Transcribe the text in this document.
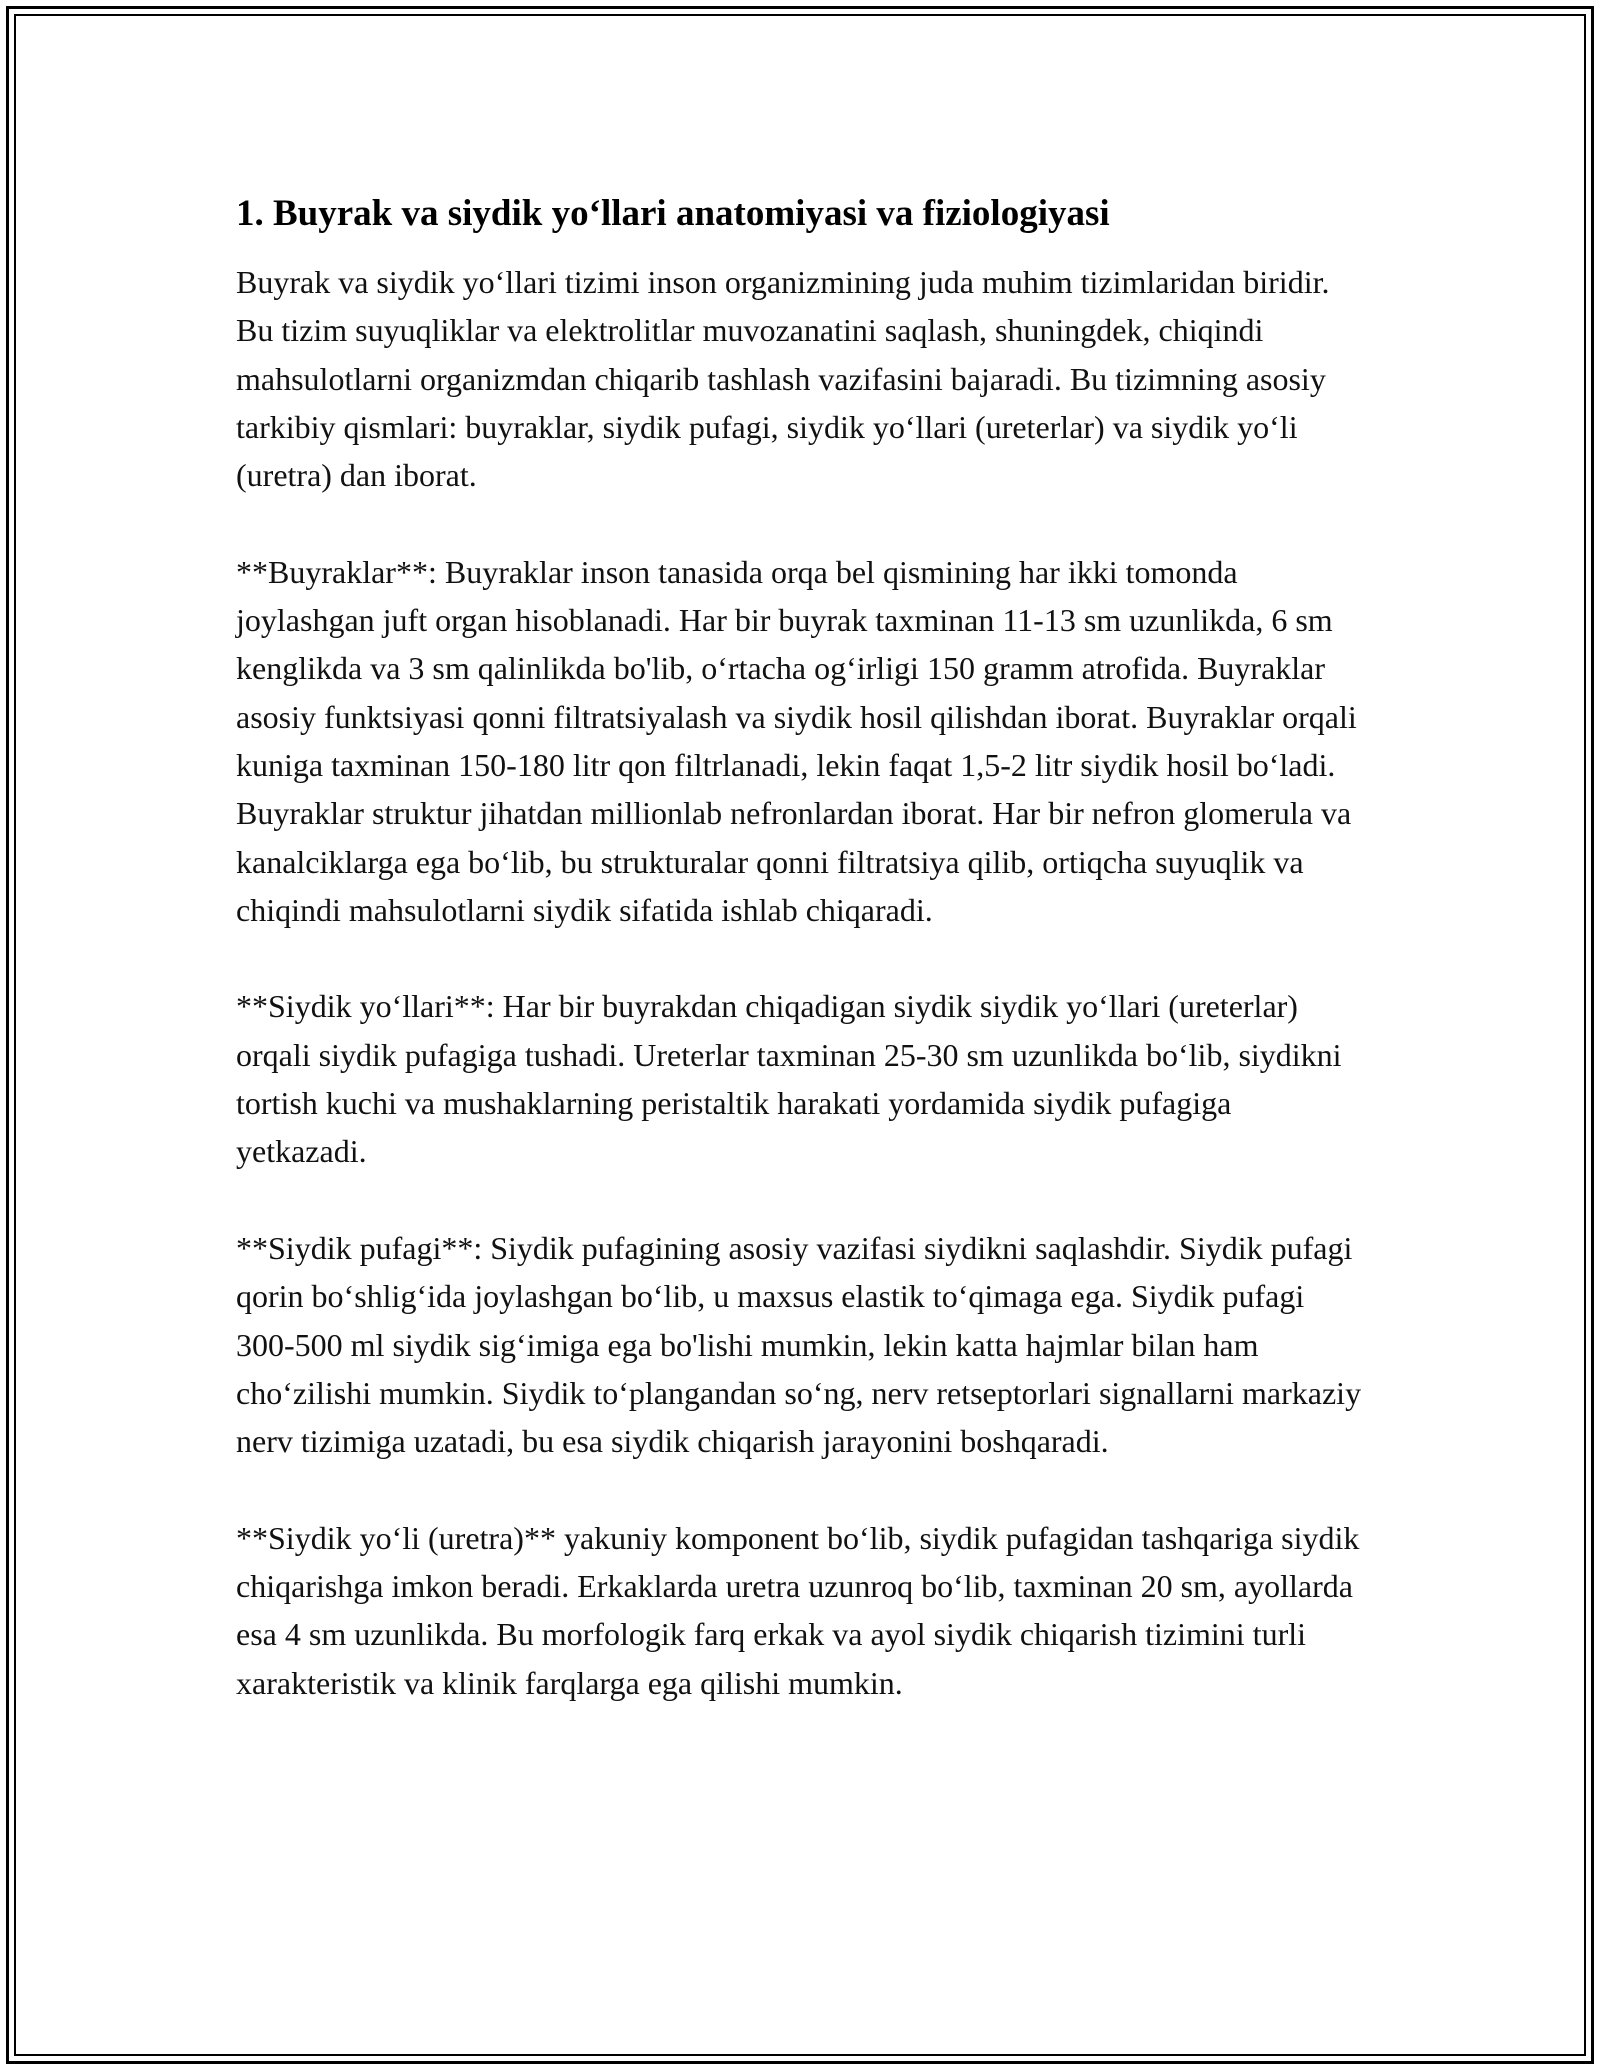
1. Buyrak va siydik yo‘llari anatomiyasi va fiziologiyasi

Buyrak va siydik yo‘llari tizimi inson organizmining juda muhim tizimlaridan biridir. Bu tizim suyuqliklar va elektrolitlar muvozanatini saqlash, shuningdek, chiqindi mahsulotlarni organizmdan chiqarib tashlash vazifasini bajaradi. Bu tizimning asosiy tarkibiy qismlari: buyraklar, siydik pufagi, siydik yo‘llari (ureterlar) va siydik yo‘li (uretra) dan iborat.

**Buyraklar**: Buyraklar inson tanasida orqa bel qismining har ikki tomonda joylashgan juft organ hisoblanadi. Har bir buyrak taxminan 11-13 sm uzunlikda, 6 sm kenglikda va 3 sm qalinlikda bo'lib, o‘rtacha og‘irligi 150 gramm atrofida. Buyraklar asosiy funktsiyasi qonni filtratsiyalash va siydik hosil qilishdan iborat. Buyraklar orqali kuniga taxminan 150-180 litr qon filtrlanadi, lekin faqat 1,5-2 litr siydik hosil bo‘ladi. Buyraklar struktur jihatdan millionlab nefronlardan iborat. Har bir nefron glomerula va kanalciklarga ega bo‘lib, bu strukturalar qonni filtratsiya qilib, ortiqcha suyuqlik va chiqindi mahsulotlarni siydik sifatida ishlab chiqaradi.

**Siydik yo‘llari**: Har bir buyrakdan chiqadigan siydik siydik yo‘llari (ureterlar) orqali siydik pufagiga tushadi. Ureterlar taxminan 25-30 sm uzunlikda bo‘lib, siydikni tortish kuchi va mushaklarning peristaltik harakati yordamida siydik pufagiga yetkazadi.

**Siydik pufagi**: Siydik pufagining asosiy vazifasi siydikni saqlashdir. Siydik pufagi qorin bo‘shlig‘ida joylashgan bo‘lib, u maxsus elastik to‘qimaga ega. Siydik pufagi 300-500 ml siydik sig‘imiga ega bo'lishi mumkin, lekin katta hajmlar bilan ham cho‘zilishi mumkin. Siydik to‘plangandan so‘ng, nerv retseptorlari signallarni markaziy nerv tizimiga uzatadi, bu esa siydik chiqarish jarayonini boshqaradi.

**Siydik yo‘li (uretra)** yakuniy komponent bo‘lib, siydik pufagidan tashqariga siydik chiqarishga imkon beradi. Erkaklarda uretra uzunroq bo‘lib, taxminan 20 sm, ayollarda esa 4 sm uzunlikda. Bu morfologik farq erkak va ayol siydik chiqarish tizimini turli xarakteristik va klinik farqlarga ega qilishi mumkin.
